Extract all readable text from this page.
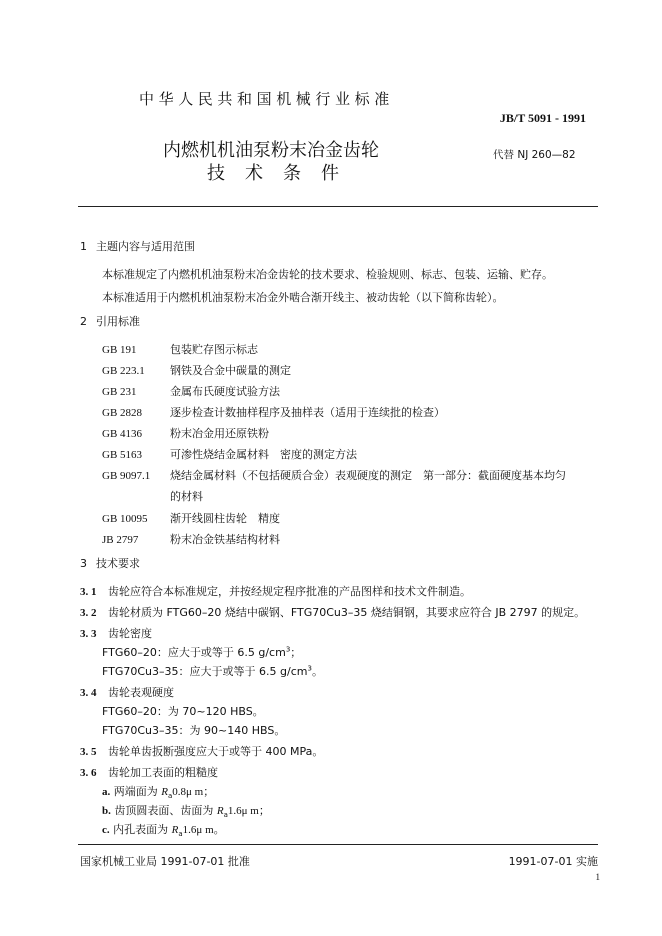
中华人民共和国机械行业标准
JB/T 5091 - 1991
内燃机机油泵粉末冶金齿轮
技术条件
代替 NJ 260—82
1 主题内容与适用范围
本标准规定了内燃机机油泵粉末冶金齿轮的技术要求、检验规则、标志、包装、运输、贮存。
本标准适用于内燃机机油泵粉末冶金外啮合渐开线主、被动齿轮（以下简称齿轮）。
2 引用标准
GB 191	包装贮存图示标志
GB 223.1 钢铁及合金中碳量的测定
GB 231	金属布氏硬度试验方法
GB 2828	逐步检查计数抽样程序及抽样表（适用于连续批的检查）
GB 4136	粉末冶金用还原铁粉
GB 5163	可渗性烧结金属材料　密度的测定方法
GB 9097.1 烧结金属材料（不包括硬质合金）表观硬度的测定　第一部分：截面硬度基本均匀
的材料
GB 10095 渐开线圆柱齿轮　精度
JB 2797	粉末冶金铁基结构材料
3 技术要求
3. 1 齿轮应符合本标准规定，并按经规定程序批准的产品图样和技术文件制造。
3. 2 齿轮材质为 FTG60–20 烧结中碳钢、FTG70Cu3–35 烧结铜钢，其要求应符合 JB 2797 的规定。
3. 3 齿轮密度
FTG60–20：应大于或等于 6.5 $g/cm^3$；
FTG70Cu3–35：应大于或等于 6.5 $g/cm^3$。
3. 4 齿轮表观硬度
FTG60–20：为 70~120 HBS。
FTG70Cu3–35：为 90~140 HBS。
3. 5 齿轮单齿扳断强度应大于或等于 400 MPa。
3. 6 齿轮加工表面的粗糙度
a. 两端面为 $R_a0.8\mu$ m；
b. 齿顶圆表面、齿面为 $R_a1.6\mu$ m；
c. 内孔表面为 $R_a1.6\mu$ m。
国家机械工业局 1991-07-01 批准	1991-07-01 实施
1
